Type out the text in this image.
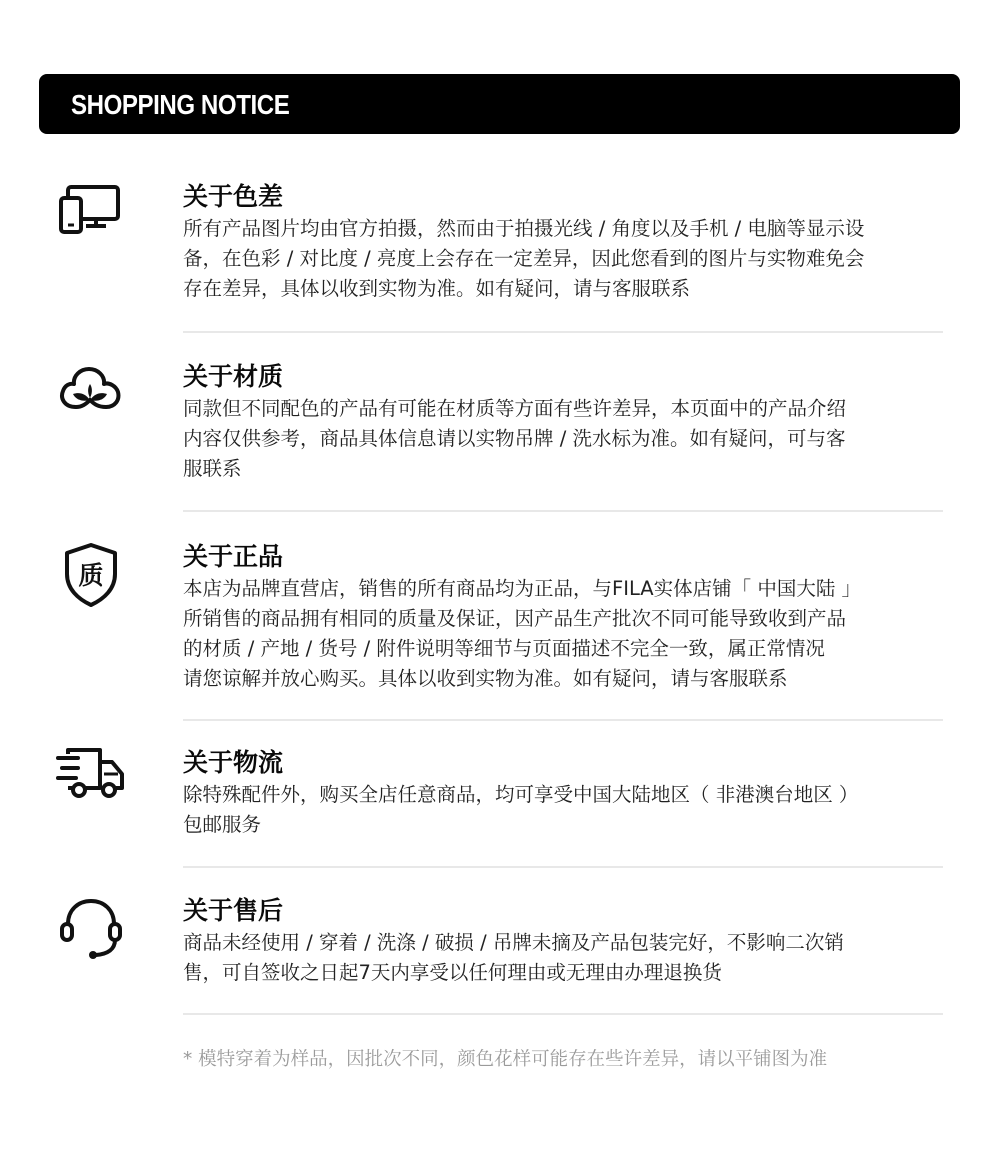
SHOPPING NOTICE
关于色差
所有产品图片均由官方拍摄，然而由于拍摄光线 / 角度以及手机 / 电脑等显示设
备，在色彩 / 对比度 / 亮度上会存在一定差异，因此您看到的图片与实物难免会
存在差异，具体以收到实物为准。如有疑问，请与客服联系
关于材质
同款但不同配色的产品有可能在材质等方面有些许差异，本页面中的产品介绍
内容仅供参考，商品具体信息请以实物吊牌 / 洗水标为准。如有疑问，可与客
服联系
质
关于正品
本店为品牌直营店，销售的所有商品均为正品，与FILA实体店铺「 中国大陆 」
所销售的商品拥有相同的质量及保证，因产品生产批次不同可能导致收到产品
的材质 / 产地 / 货号 / 附件说明等细节与页面描述不完全一致，属正常情况
请您谅解并放心购买。具体以收到实物为准。如有疑问，请与客服联系
关于物流
除特殊配件外，购买全店任意商品，均可享受中国大陆地区（ 非港澳台地区 ）
包邮服务
关于售后
商品未经使用 / 穿着 / 洗涤 / 破损 / 吊牌未摘及产品包装完好，不影响二次销
售，可自签收之日起7天内享受以任何理由或无理由办理退换货
* 模特穿着为样品，因批次不同，颜色花样可能存在些许差异，请以平铺图为准
